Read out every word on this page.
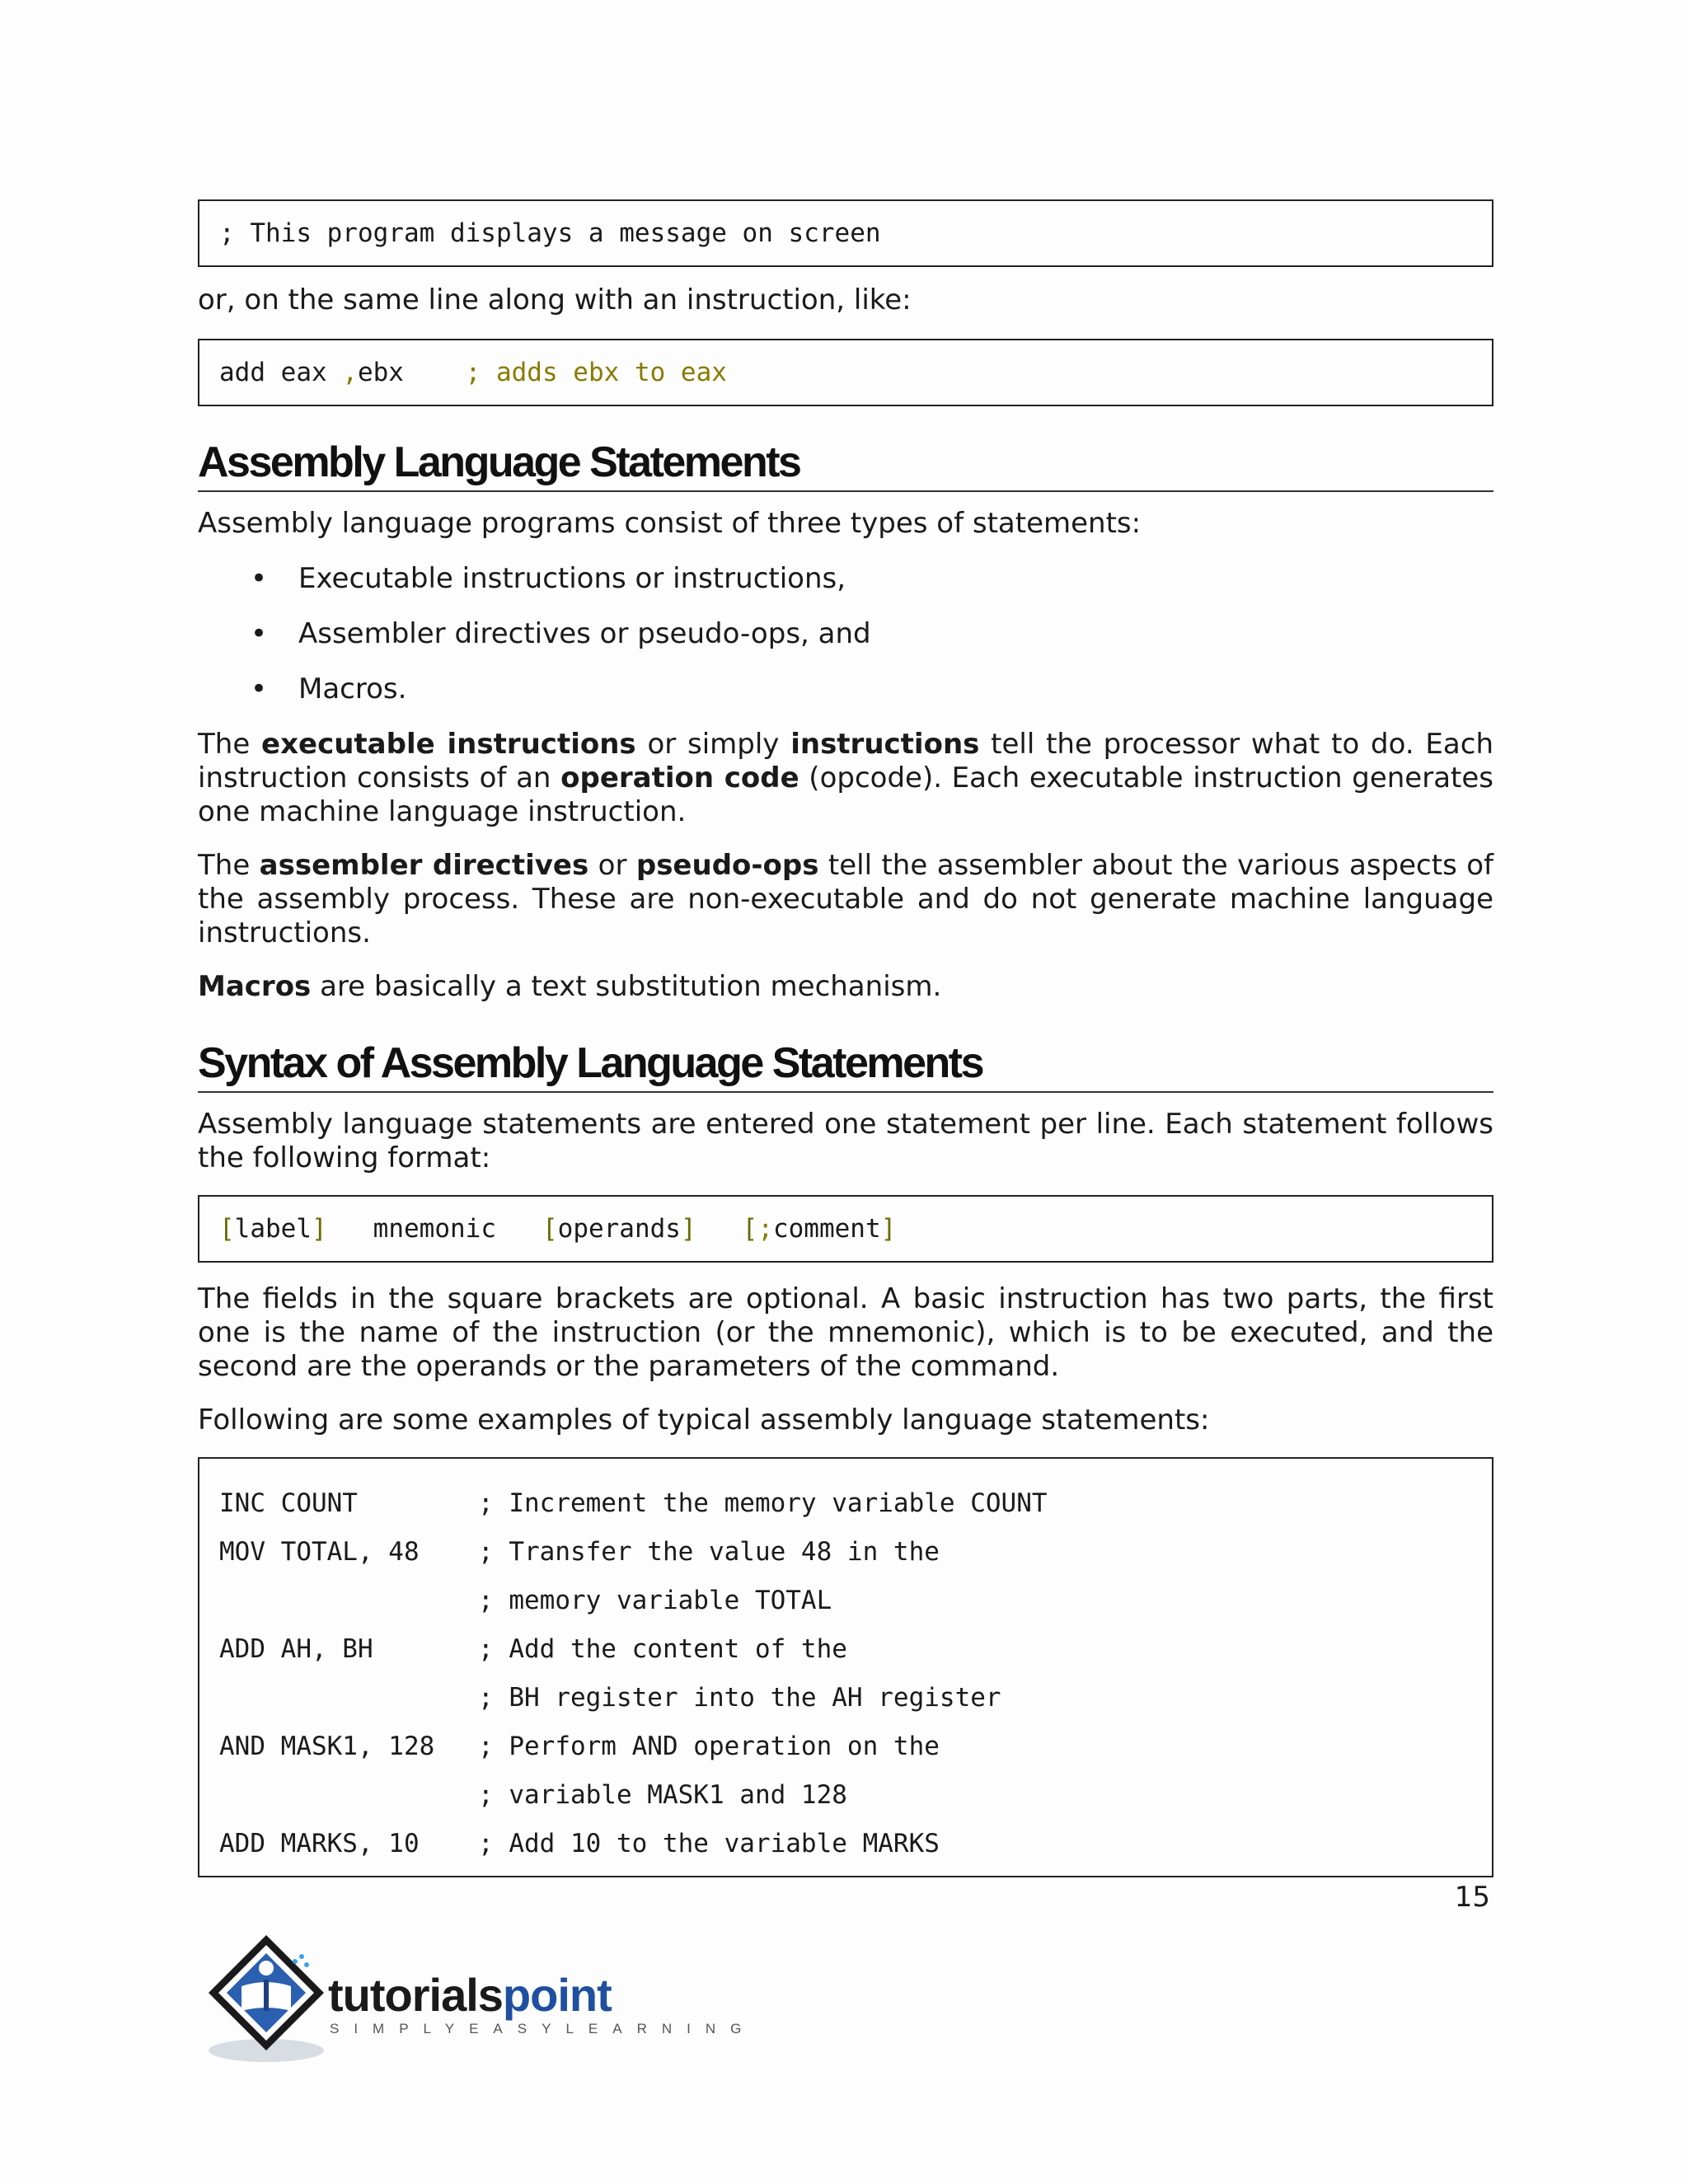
; This program displays a message on screen

or, on the same line along with an instruction, like:

add eax , ebx ; adds ebx to eax
Assembly Language Statements

Assembly language programs consist of three types of statements:

• Executable instructions or instructions,
• Assembler directives or pseudo-ops, and
• Macros.

The executable instructions or simply instructions tell the processor what to do. Each instruction consists of an operation code (opcode). Each executable instruction generates one machine language instruction.

The assembler directives or pseudo-ops tell the assembler about the various aspects of the assembly process. These are non-executable and do not generate machine language instructions.

Macros are basically a text substitution mechanism.

Syntax of Assembly Language Statements

Assembly language statements are entered one statement per line. Each statement follows the following format:

[ label ]
mnemonic
[ operands ]
[ ; comment ]

The fields in the square brackets are optional. A basic instruction has two parts, the first one is the name of the instruction (or the mnemonic), which is to be executed, and the second are the operands or the parameters of the command.

Following are some examples of typical assembly language statements:

INC COUNT	; Increment the memory variable COUNT
MOV TOTAL, 48	; Transfer the value 48 in the
; memory variable TOTAL
ADD AH, BH	; Add the content of the
; BH register into the AH register
AND MASK1, 128	; Perform AND operation on the
; variable MASK1 and 128
ADD MARKS, 10	; Add 10 to the variable MARKS
15
tutorialspoint
SIMPLYEASYLEARNING
